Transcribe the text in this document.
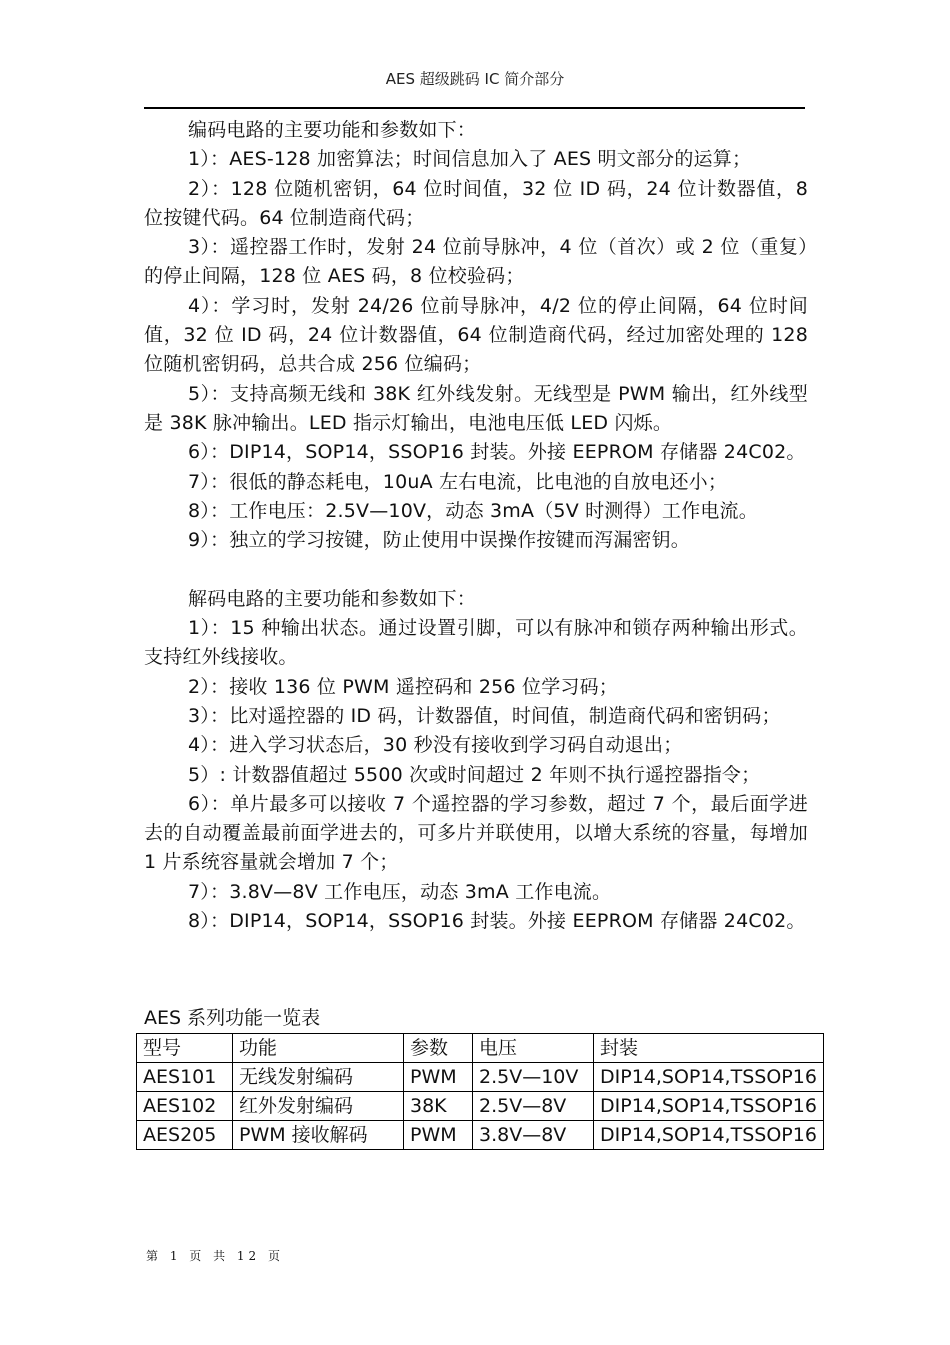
AES 超级跳码 IC 简介部分

编码电路的主要功能和参数如下：

1）：AES-128 加密算法；时间信息加入了 AES 明文部分的运算；

2）：128 位随机密钥，64 位时间值，32 位 ID 码，24 位计数器值，8 位按键代码。64 位制造商代码；

3）：遥控器工作时，发射 24 位前导脉冲，4 位（首次）或 2 位（重复）的停止间隔，128 位 AES 码，8 位校验码；

4）：学习时，发射 24/26 位前导脉冲，4/2 位的停止间隔，64 位时间值，32 位 ID 码，24 位计数器值，64 位制造商代码，经过加密处理的 128 位随机密钥码，总共合成 256 位编码；

5）：支持高频无线和 38K 红外线发射。无线型是 PWM 输出，红外线型是 38K 脉冲输出。LED 指示灯输出，电池电压低 LED 闪烁。

6）：DIP14，SOP14，SSOP16 封装。外接 EEPROM 存储器 24C02。

7）：很低的静态耗电，10uA 左右电流，比电池的自放电还小；

8）：工作电压：2.5V—10V，动态 3mA（5V 时测得）工作电流。

9）：独立的学习按键，防止使用中误操作按键而泻漏密钥。

解码电路的主要功能和参数如下：

1）：15 种输出状态。通过设置引脚，可以有脉冲和锁存两种输出形式。支持红外线接收。

2）：接收 136 位 PWM 遥控码和 256 位学习码；

3）：比对遥控器的 ID 码，计数器值，时间值，制造商代码和密钥码；

4）：进入学习状态后，30 秒没有接收到学习码自动退出；

5）: 计数器值超过 5500 次或时间超过 2 年则不执行遥控器指令；

6）：单片最多可以接收 7 个遥控器的学习参数，超过 7 个，最后面学进去的自动覆盖最前面学进去的，可多片并联使用，以增大系统的容量，每增加 1 片系统容量就会增加 7 个；

7）：3.8V—8V 工作电压，动态 3mA 工作电流。

8）：DIP14，SOP14，SSOP16 封装。外接 EEPROM 存储器 24C02。

AES 系列功能一览表
型号	功能	参数	电压	封装
AES101	无线发射编码	PWM	2.5V—10V	DIP14,SOP14,TSSOP16
AES102	红外发射编码	38K	2.5V—8V	DIP14,SOP14,TSSOP16
AES205	PWM 接收解码	PWM	3.8V—8V	DIP14,SOP14,TSSOP16
第 1 页 共 12 页
